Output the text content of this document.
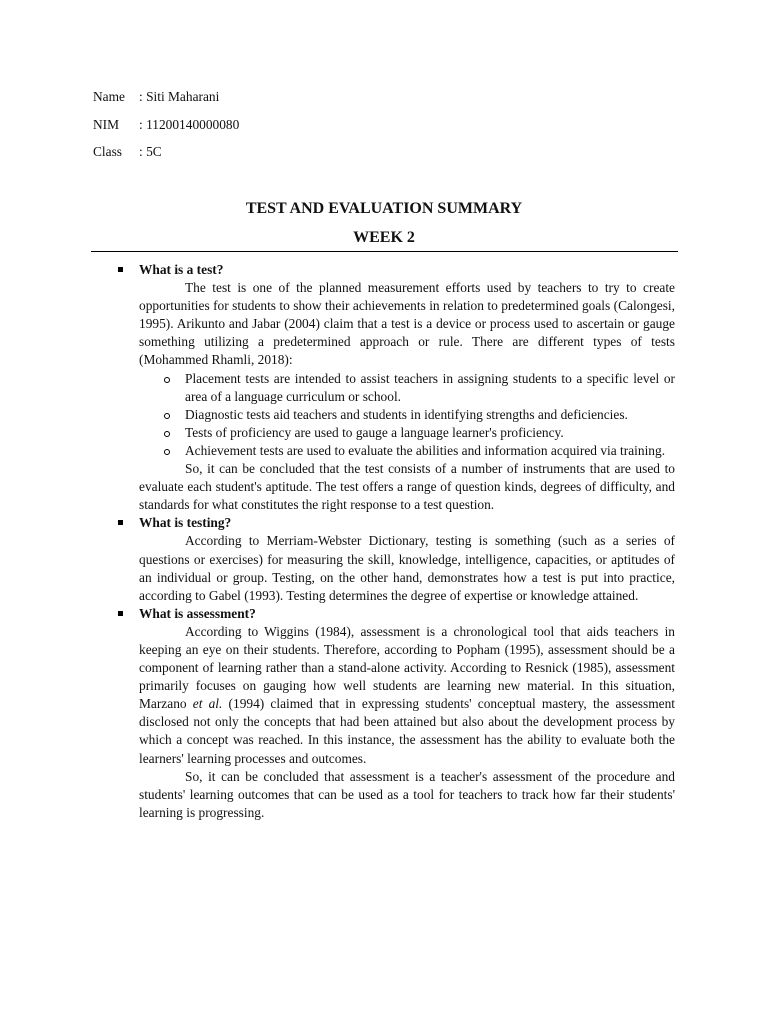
Name : Siti Maharani
NIM : 11200140000080
Class : 5C
TEST AND EVALUATION SUMMARY
WEEK 2
What is a test?

The test is one of the planned measurement efforts used by teachers to try to create opportunities for students to show their achievements in relation to predetermined goals (Calongesi, 1995). Arikunto and Jabar (2004) claim that a test is a device or process used to ascertain or gauge something utilizing a predetermined approach or rule. There are different types of tests (Mohammed Rhamli, 2018):

Placement tests are intended to assist teachers in assigning students to a specific level or area of a language curriculum or school.
Diagnostic tests aid teachers and students in identifying strengths and deficiencies.
Tests of proficiency are used to gauge a language learner's proficiency.
Achievement tests are used to evaluate the abilities and information acquired via training.

So, it can be concluded that the test consists of a number of instruments that are used to evaluate each student's aptitude. The test offers a range of question kinds, degrees of difficulty, and standards for what constitutes the right response to a test question.

What is testing?

According to Merriam-Webster Dictionary, testing is something (such as a series of questions or exercises) for measuring the skill, knowledge, intelligence, capacities, or aptitudes of an individual or group. Testing, on the other hand, demonstrates how a test is put into practice, according to Gabel (1993). Testing determines the degree of expertise or knowledge attained.

What is assessment?

According to Wiggins (1984), assessment is a chronological tool that aids teachers in keeping an eye on their students. Therefore, according to Popham (1995), assessment should be a component of learning rather than a stand-alone activity. According to Resnick (1985), assessment primarily focuses on gauging how well students are learning new material. In this situation, Marzano et al. (1994) claimed that in expressing students' conceptual mastery, the assessment disclosed not only the concepts that had been attained but also about the development process by which a concept was reached. In this instance, the assessment has the ability to evaluate both the learners' learning processes and outcomes.

So, it can be concluded that assessment is a teacher's assessment of the procedure and students' learning outcomes that can be used as a tool for teachers to track how far their students' learning is progressing.
